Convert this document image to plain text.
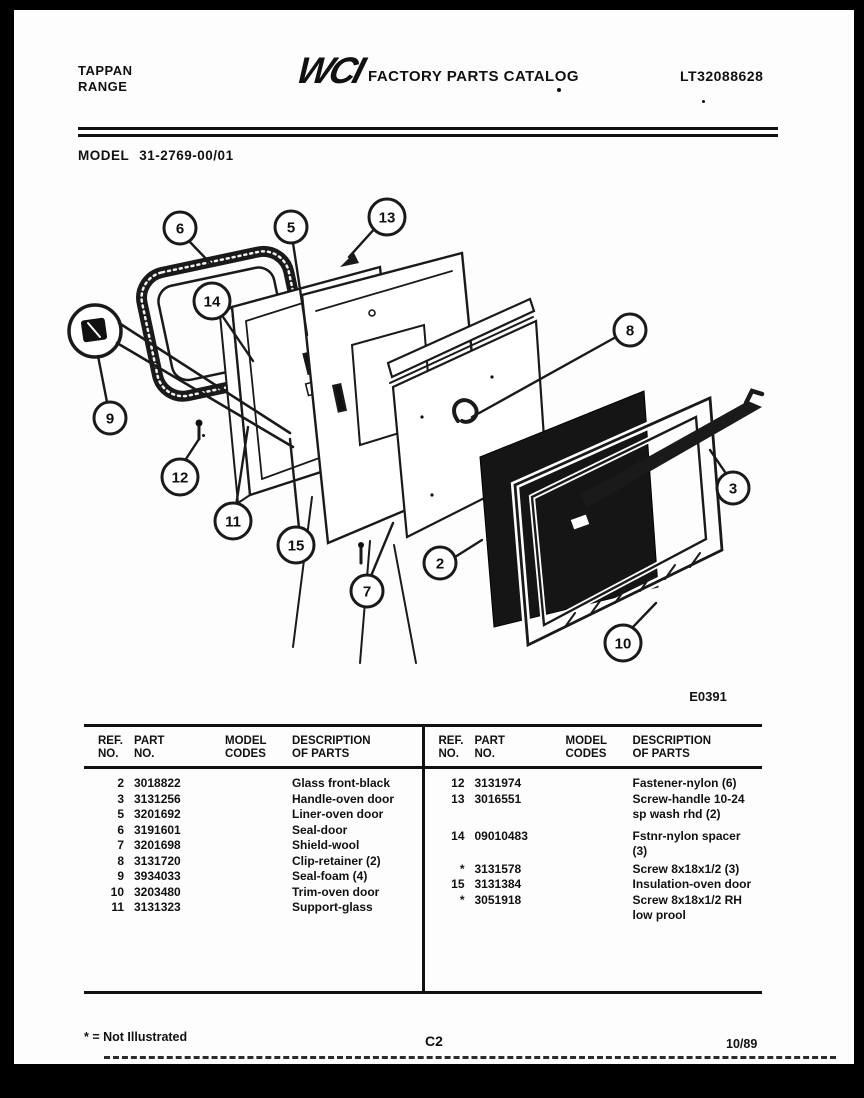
TAPPAN
RANGE	WCI FACTORY PARTS CATALOG	LT32088628
MODEL 31-2769-00/01
6	5
13
14
9
12
11
15
7
2
8
3
10
E0391
REF.
NO.
PART
NO.
MODEL
CODES
DESCRIPTION
OF PARTS
2 3018822	Glass front-black
3 3131256	Handle-oven door
5 3201692	Liner-oven door
6 3191601	Seal-door
7 3201698	Shield-wool
8 3131720	Clip-retainer (2)
9 3934033	Seal-foam (4)
10 3203480	Trim-oven door
11 3131323	Support-glass
REF.
NO.
PART
NO.
MODEL
CODES
DESCRIPTION
OF PARTS
12 3131974	Fastener-nylon (6)
13 3016551	Screw-handle 10-24 sp wash rhd (2)
14 09010483	Fstnr-nylon spacer (3)
* 3131578	Screw 8x18x1/2 (3)
15 3131384	Insulation-oven door
* 3051918	Screw 8x18x1/2 RH low prool
* = Not Illustrated	C2	10/89
